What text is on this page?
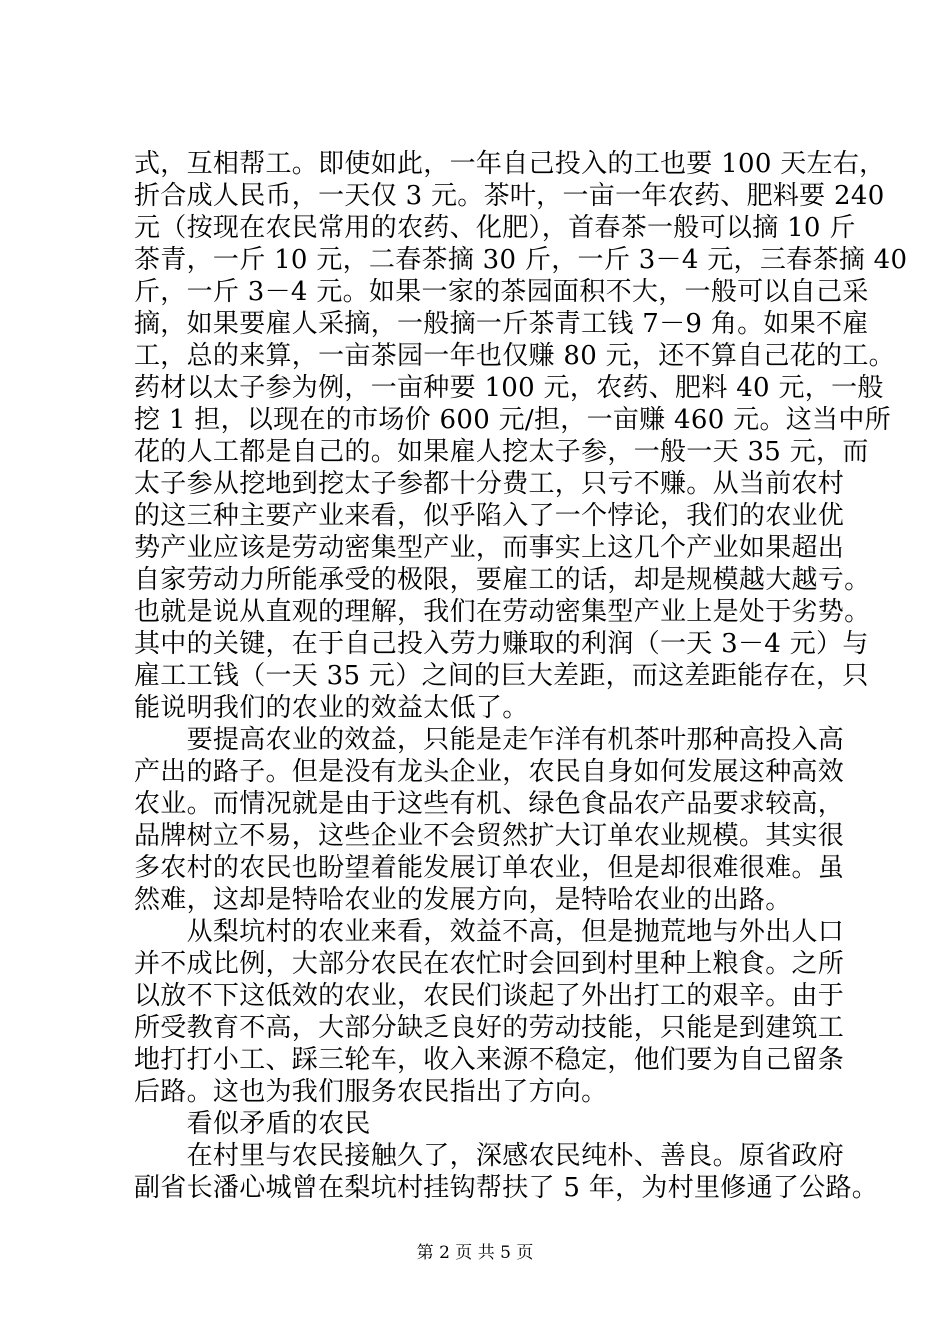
式，互相帮工。即使如此，一年自己投入的工也要 100 天左右，
折合成人民币，一天仅 3 元。茶叶，一亩一年农药、肥料要 240
元（按现在农民常用的农药、化肥），首春茶一般可以摘 10 斤
茶青，一斤 10 元，二春茶摘 30 斤，一斤 3－4 元，三春茶摘 40
斤，一斤 3－4 元。如果一家的茶园面积不大，一般可以自己采
摘，如果要雇人采摘，一般摘一斤茶青工钱 7－9 角。如果不雇
工，总的来算，一亩茶园一年也仅赚 80 元，还不算自己花的工。
药材以太子参为例，一亩种要 100 元，农药、肥料 40 元，一般
挖 1 担，以现在的市场价 600 元/担，一亩赚 460 元。这当中所
花的人工都是自己的。如果雇人挖太子参，一般一天 35 元，而
太子参从挖地到挖太子参都十分费工，只亏不赚。从当前农村
的这三种主要产业来看，似乎陷入了一个悖论，我们的农业优
势产业应该是劳动密集型产业，而事实上这几个产业如果超出
自家劳动力所能承受的极限，要雇工的话，却是规模越大越亏。
也就是说从直观的理解，我们在劳动密集型产业上是处于劣势。
其中的关键，在于自己投入劳力赚取的利润（一天 3－4 元）与
雇工工钱（一天 35 元）之间的巨大差距，而这差距能存在，只
能说明我们的农业的效益太低了。
　　要提高农业的效益，只能是走乍洋有机茶叶那种高投入高
产出的路子。但是没有龙头企业，农民自身如何发展这种高效
农业。而情况就是由于这些有机、绿色食品农产品要求较高，
品牌树立不易，这些企业不会贸然扩大订单农业规模。其实很
多农村的农民也盼望着能发展订单农业，但是却很难很难。虽
然难，这却是特哈农业的发展方向，是特哈农业的出路。
　　从梨坑村的农业来看，效益不高，但是抛荒地与外出人口
并不成比例，大部分农民在农忙时会回到村里种上粮食。之所
以放不下这低效的农业，农民们谈起了外出打工的艰辛。由于
所受教育不高，大部分缺乏良好的劳动技能，只能是到建筑工
地打打小工、踩三轮车，收入来源不稳定，他们要为自己留条
后路。这也为我们服务农民指出了方向。
　　看似矛盾的农民
　　在村里与农民接触久了，深感农民纯朴、善良。原省政府
副省长潘心城曾在梨坑村挂钩帮扶了 5 年，为村里修通了公路。
第 2 页 共 5 页
